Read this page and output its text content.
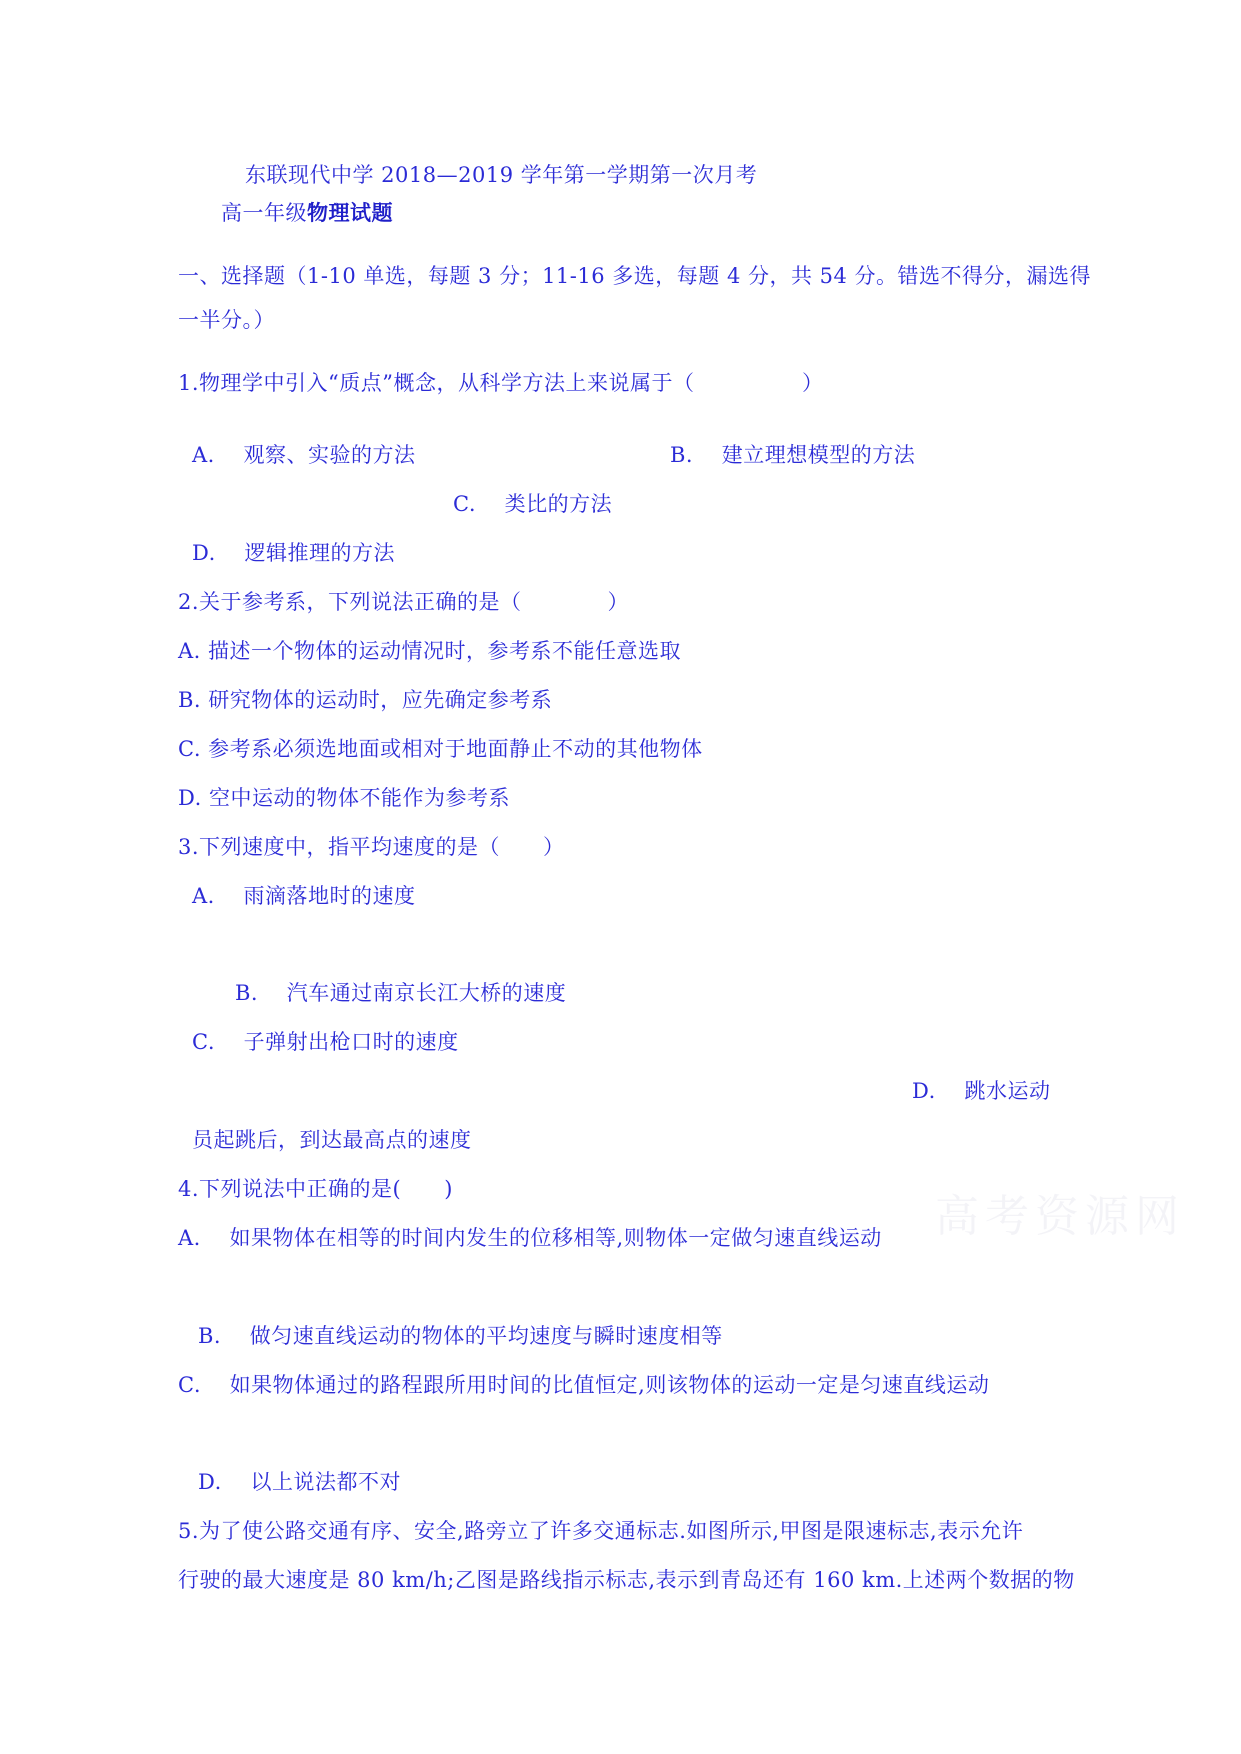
东联现代中学 2018—2019 学年第一学期第一次月考
高一年级物理试题
一、选择题（1-10 单选，每题 3 分；11-16 多选，每题 4 分，共 54 分。错选不得分，漏选得
一半分。）
1.物理学中引入“质点”概念，从科学方法上来说属于（　　　　　）
A.　 观察、实验的方法	B.　 建立理想模型的方法
C.　 类比的方法
D.　 逻辑推理的方法
2.关于参考系，下列说法正确的是（　　　　）
A. 描述一个物体的运动情况时，参考系不能任意选取
B. 研究物体的运动时，应先确定参考系
C. 参考系必须选地面或相对于地面静止不动的其他物体
D. 空中运动的物体不能作为参考系
3.下列速度中，指平均速度的是（　　）
A.　 雨滴落地时的速度
B.　 汽车通过南京长江大桥的速度
C.　 子弹射出枪口时的速度
D.　 跳水运动
员起跳后，到达最高点的速度
4.下列说法中正确的是(　　)
A.　 如果物体在相等的时间内发生的位移相等,则物体一定做匀速直线运动
B.　 做匀速直线运动的物体的平均速度与瞬时速度相等
C.　 如果物体通过的路程跟所用时间的比值恒定,则该物体的运动一定是匀速直线运动
D.　 以上说法都不对
5.为了使公路交通有序、安全,路旁立了许多交通标志.如图所示,甲图是限速标志,表示允许
行驶的最大速度是 80 km/h;乙图是路线指示标志,表示到青岛还有 160 km.上述两个数据的物
高考资源网
